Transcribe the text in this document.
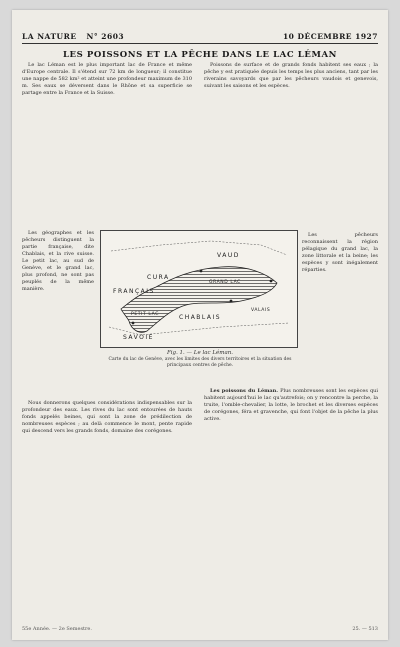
LA NATURE N° 2603	10 DÉCEMBRE 1927
LES POISSONS ET LA PÊCHE DANS LE LAC LÉMAN

Le lac Léman est le plus important lac de France et même d'Europe centrale. Il s'étend sur 72 km de longueur; il constitue une nappe de 582 km² et atteint une profondeur maximum de 310 m. Ses eaux se déversent dans le Rhône et sa superficie se partage entre la France et la Suisse.

Poissons de surface et de grands fonds habitent ses eaux ; la pêche y est pratiquée depuis les temps les plus anciens, tant par les riverains savoyards que par les pêcheurs vaudois et genevois, suivant les saisons et les espèces.

Les géographes et les pêcheurs distinguent la partie française, dite Chablais, et la rive suisse. Le petit lac, au sud de Genève, et le grand lac, plus profond, ne sont pas peuplés de la même manière.

VAUD
CURA
FRANÇAIS
CHABLAIS
SAVOIE
VALAIS
GRAND LAC
PETIT LAC
Fig. 1. — Le lac Léman.
Carte du lac de Genève, avec les limites des divers territoires et la situation des principaux centres de pêche.

Les pêcheurs reconnaissent la région pélagique du grand lac, la zone littorale et la beine; les espèces y sont inégalement réparties.

Nous donnerons quelques considérations indispensables sur la profondeur des eaux. Les rives du lac sont entourées de hauts fonds appelés beines, qui sont la zone de prédilection de nombreuses espèces ; au delà commence le mont, pente rapide qui descend vers les grands fonds, domaine des corégones.

Les poissons du Léman. Plus nombreuses sont les espèces qui habitent aujourd'hui le lac qu'autrefois; on y rencontre la perche, la truite, l'omble-chevalier, la lotte, le brochet et les diverses espèces de corégones, féra et gravenche, qui font l'objet de la pêche la plus active.

55e Année. — 2e Semestre.	25. — 513
